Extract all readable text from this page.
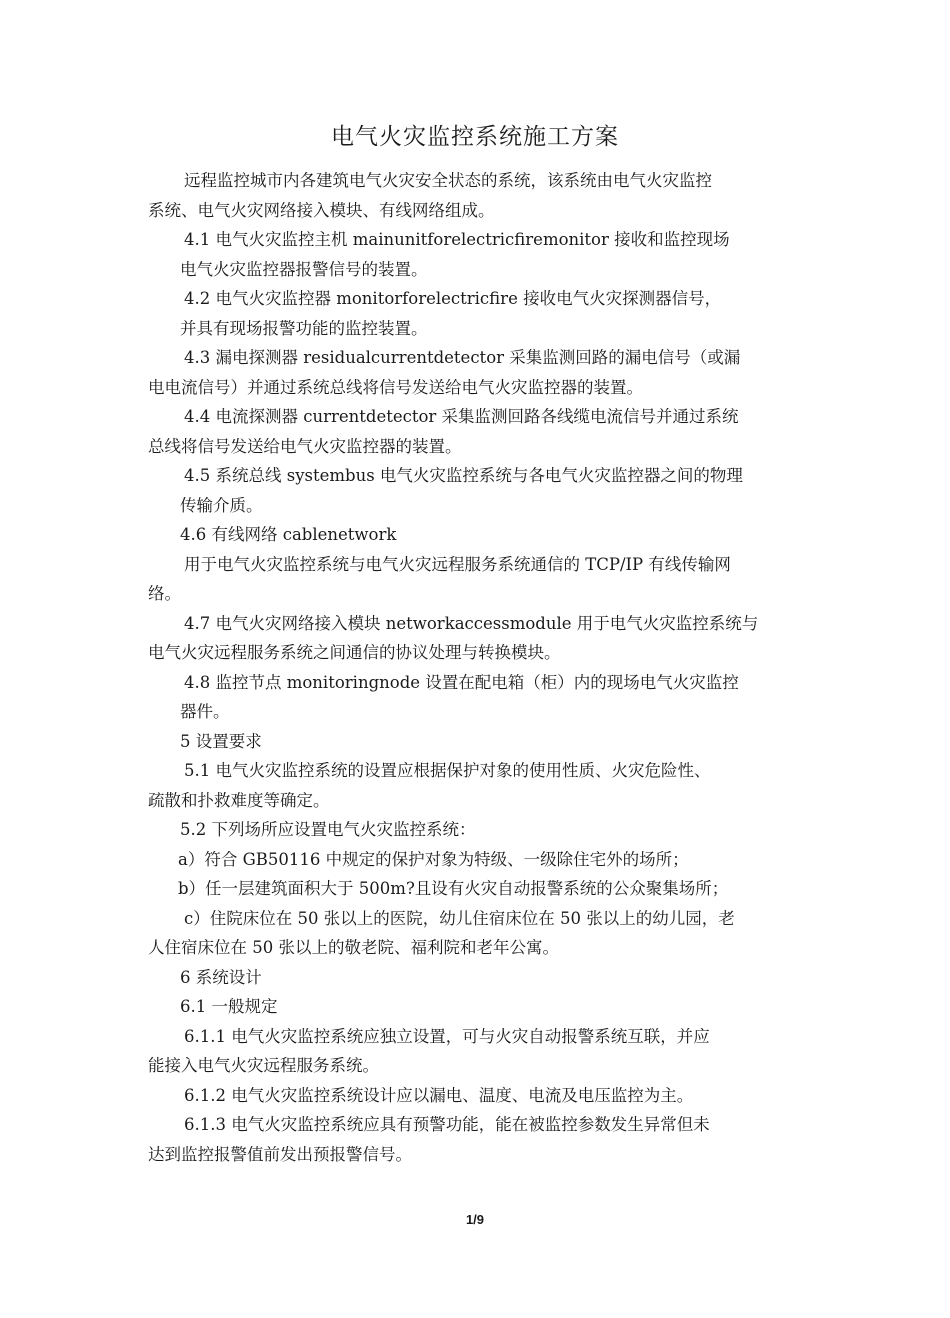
电气火灾监控系统施工方案
远程监控城市内各建筑电气火灾安全状态的系统，该系统由电气火灾监控
系统、电气火灾网络接入模块、有线网络组成。
4.1 电气火灾监控主机 mainunitforelectricfiremonitor 接收和监控现场
电气火灾监控器报警信号的装置。
4.2 电气火灾监控器 monitorforelectricfire 接收电气火灾探测器信号，
并具有现场报警功能的监控装置。
4.3 漏电探测器 residualcurrentdetector 采集监测回路的漏电信号（或漏
电电流信号）并通过系统总线将信号发送给电气火灾监控器的装置。
4.4 电流探测器 currentdetector 采集监测回路各线缆电流信号并通过系统
总线将信号发送给电气火灾监控器的装置。
4.5 系统总线 systembus 电气火灾监控系统与各电气火灾监控器之间的物理
传输介质。
4.6 有线网络 cablenetwork
用于电气火灾监控系统与电气火灾远程服务系统通信的 TCP/IP 有线传输网
络。
4.7 电气火灾网络接入模块 networkaccessmodule 用于电气火灾监控系统与
电气火灾远程服务系统之间通信的协议处理与转换模块。
4.8 监控节点 monitoringnode 设置在配电箱（柜）内的现场电气火灾监控
器件。
5 设置要求
5.1 电气火灾监控系统的设置应根据保护对象的使用性质、火灾危险性、
疏散和扑救难度等确定。
5.2 下列场所应设置电气火灾监控系统：
a）符合 GB50116 中规定的保护对象为特级、一级除住宅外的场所；
b）任一层建筑面积大于 500m?且设有火灾自动报警系统的公众聚集场所；
c）住院床位在 50 张以上的医院，幼儿住宿床位在 50 张以上的幼儿园，老
人住宿床位在 50 张以上的敬老院、福利院和老年公寓。
6 系统设计
6.1 一般规定
6.1.1 电气火灾监控系统应独立设置，可与火灾自动报警系统互联，并应
能接入电气火灾远程服务系统。
6.1.2 电气火灾监控系统设计应以漏电、温度、电流及电压监控为主。
6.1.3 电气火灾监控系统应具有预警功能，能在被监控参数发生异常但未
达到监控报警值前发出预报警信号。
1/9
